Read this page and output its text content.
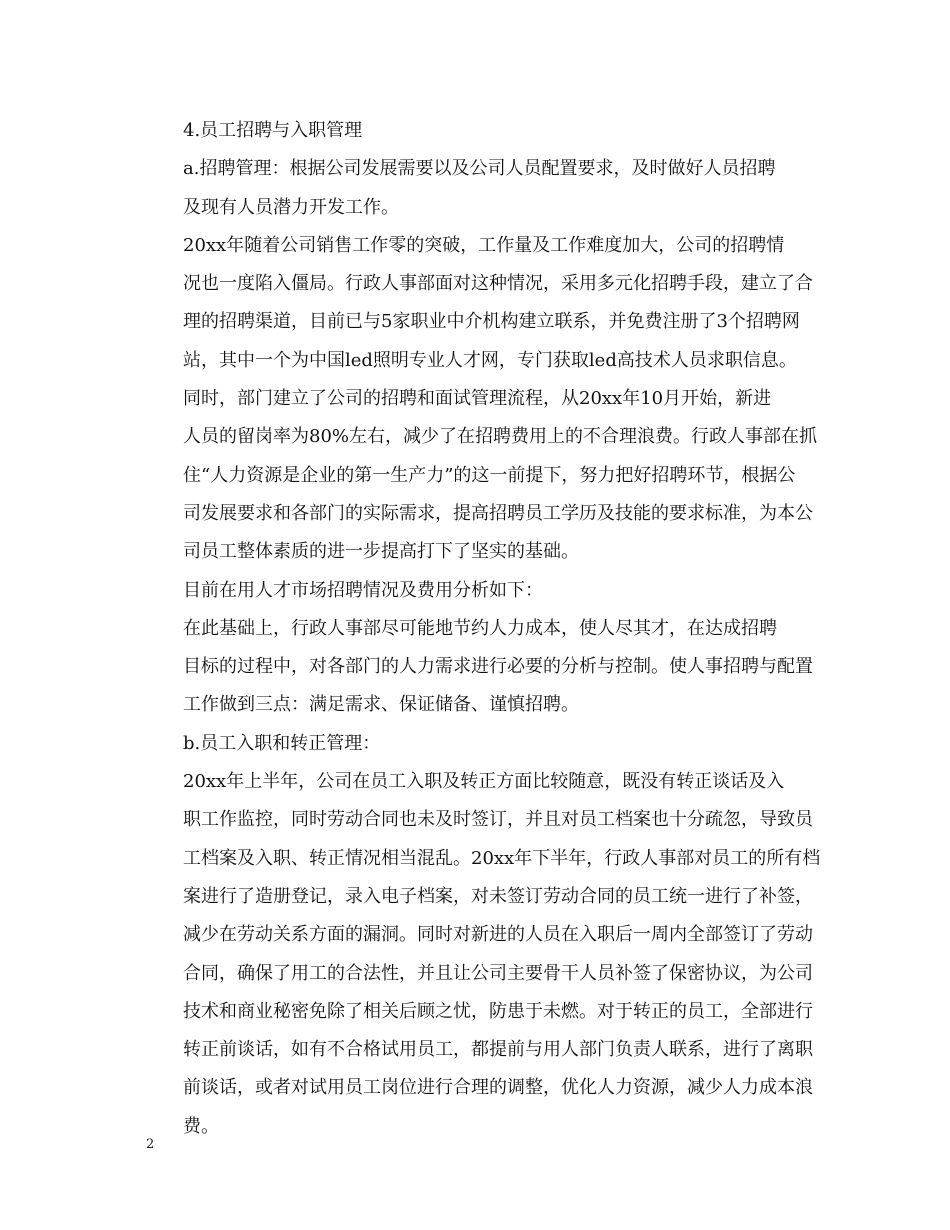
4.员工招聘与入职管理

a.招聘管理：根据公司发展需要以及公司人员配置要求，及时做好人员招聘
及现有人员潜力开发工作。

20xx年随着公司销售工作零的突破，工作量及工作难度加大，公司的招聘情
况也一度陷入僵局。行政人事部面对这种情况，采用多元化招聘手段，建立了合
理的招聘渠道，目前已与5家职业中介机构建立联系，并免费注册了3个招聘网
站，其中一个为中国led照明专业人才网，专门获取led高技术人员求职信息。

同时，部门建立了公司的招聘和面试管理流程，从20xx年10月开始，新进
人员的留岗率为80%左右，减少了在招聘费用上的不合理浪费。行政人事部在抓
住“人力资源是企业的第一生产力”的这一前提下，努力把好招聘环节，根据公
司发展要求和各部门的实际需求，提高招聘员工学历及技能的要求标准，为本公
司员工整体素质的进一步提高打下了坚实的基础。

目前在用人才市场招聘情况及费用分析如下：

在此基础上，行政人事部尽可能地节约人力成本，使人尽其才，在达成招聘
目标的过程中，对各部门的人力需求进行必要的分析与控制。使人事招聘与配置
工作做到三点：满足需求、保证储备、谨慎招聘。

b.员工入职和转正管理：

20xx年上半年，公司在员工入职及转正方面比较随意，既没有转正谈话及入
职工作监控，同时劳动合同也未及时签订，并且对员工档案也十分疏忽，导致员
工档案及入职、转正情况相当混乱。20xx年下半年，行政人事部对员工的所有档
案进行了造册登记，录入电子档案，对未签订劳动合同的员工统一进行了补签，
减少在劳动关系方面的漏洞。同时对新进的人员在入职后一周内全部签订了劳动
合同，确保了用工的合法性，并且让公司主要骨干人员补签了保密协议，为公司
技术和商业秘密免除了相关后顾之忧，防患于未燃。对于转正的员工，全部进行
转正前谈话，如有不合格试用员工，都提前与用人部门负责人联系，进行了离职
前谈话，或者对试用员工岗位进行合理的调整，优化人力资源，减少人力成本浪
费。

2
